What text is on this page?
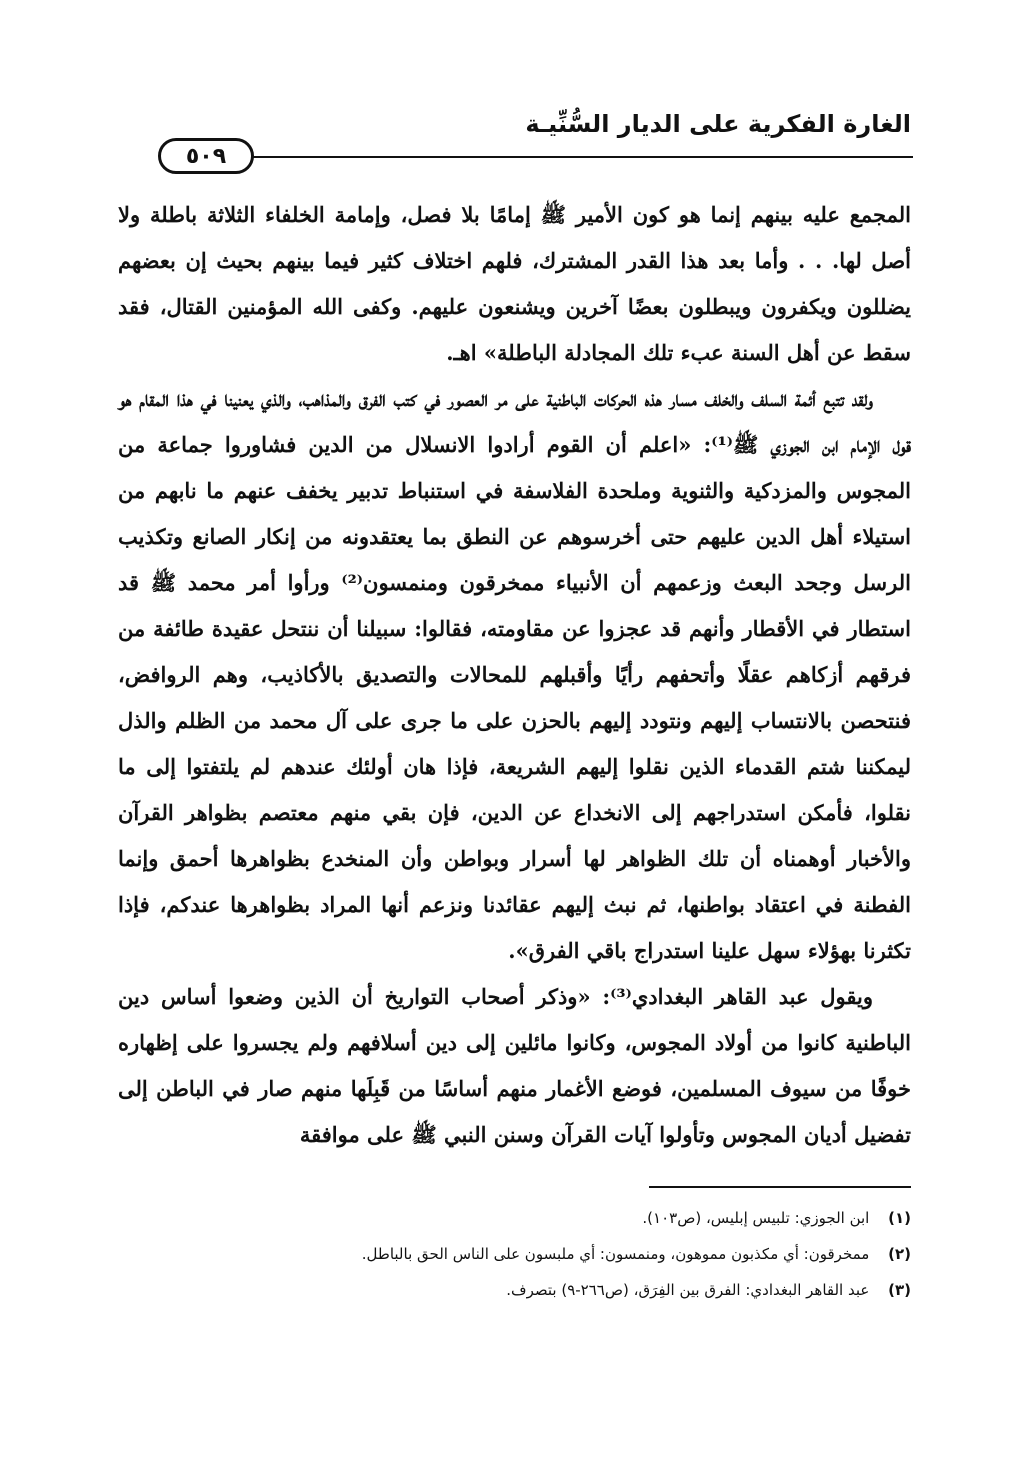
الغارة الفكرية على الديار السُّنِّيـة
٥٠٩

المجمع عليه بينهم إنما هو كون الأمير ﷺ إمامًا بلا فصل، وإمامة الخلفاء الثلاثة باطلة ولا أصل لها. . . وأما بعد هذا القدر المشترك، فلهم اختلاف كثير فيما بينهم بحيث إن بعضهم يضللون ويكفرون ويبطلون بعضًا آخرين ويشنعون عليهم. وكفى الله المؤمنين القتال، فقد سقط عن أهل السنة عبء تلك المجادلة الباطلة» اهـ.

ولقد تتبع أئمة السلف والخلف مسار هذه الحركات الباطنية على مر العصور في كتب الفرق والمذاهب، والذي يعنينا في هذا المقام هو قول الإمام ابن الجوزي ﷺ⁽¹⁾: «اعلم أن القوم أرادوا الانسلال من الدين فشاوروا جماعة من المجوس والمزدكية والثنوية وملحدة الفلاسفة في استنباط تدبير يخفف عنهم ما نابهم من استيلاء أهل الدين عليهم حتى أخرسوهم عن النطق بما يعتقدونه من إنكار الصانع وتكذيب الرسل وجحد البعث وزعمهم أن الأنبياء ممخرقون ومنمسون⁽²⁾ ورأوا أمر محمد ﷺ قد استطار في الأقطار وأنهم قد عجزوا عن مقاومته، فقالوا: سبيلنا أن ننتحل عقيدة طائفة من فرقهم أزكاهم عقلًا وأتحفهم رأيًا وأقبلهم للمحالات والتصديق بالأكاذيب، وهم الروافض، فنتحصن بالانتساب إليهم ونتودد إليهم بالحزن على ما جرى على آل محمد من الظلم والذل ليمكننا شتم القدماء الذين نقلوا إليهم الشريعة، فإذا هان أولئك عندهم لم يلتفتوا إلى ما نقلوا، فأمكن استدراجهم إلى الانخداع عن الدين، فإن بقي منهم معتصم بظواهر القرآن والأخبار أوهمناه أن تلك الظواهر لها أسرار وبواطن وأن المنخدع بظواهرها أحمق وإنما الفطنة في اعتقاد بواطنها، ثم نبث إليهم عقائدنا ونزعم أنها المراد بظواهرها عندكم، فإذا تكثرنا بهؤلاء سهل علينا استدراج باقي الفرق».

ويقول عبد القاهر البغدادي⁽³⁾: «وذكر أصحاب التواريخ أن الذين وضعوا أساس دين الباطنية كانوا من أولاد المجوس، وكانوا مائلين إلى دين أسلافهم ولم يجسروا على إظهاره خوفًا من سيوف المسلمين، فوضع الأغمار منهم أساسًا من قَبِلَها منهم صار في الباطن إلى تفضيل أديان المجوس وتأولوا آيات القرآن وسنن النبي ﷺ على موافقة

(١) ابن الجوزي: تلبيس إبليس، (ص١٠٣).
(٢) ممخرقون: أي مكذبون مموهون، ومنمسون: أي ملبسون على الناس الحق بالباطل.
(٣) عبد القاهر البغدادي: الفرق بين الفِرَق، (ص٢٦٦-٩) بتصرف.
